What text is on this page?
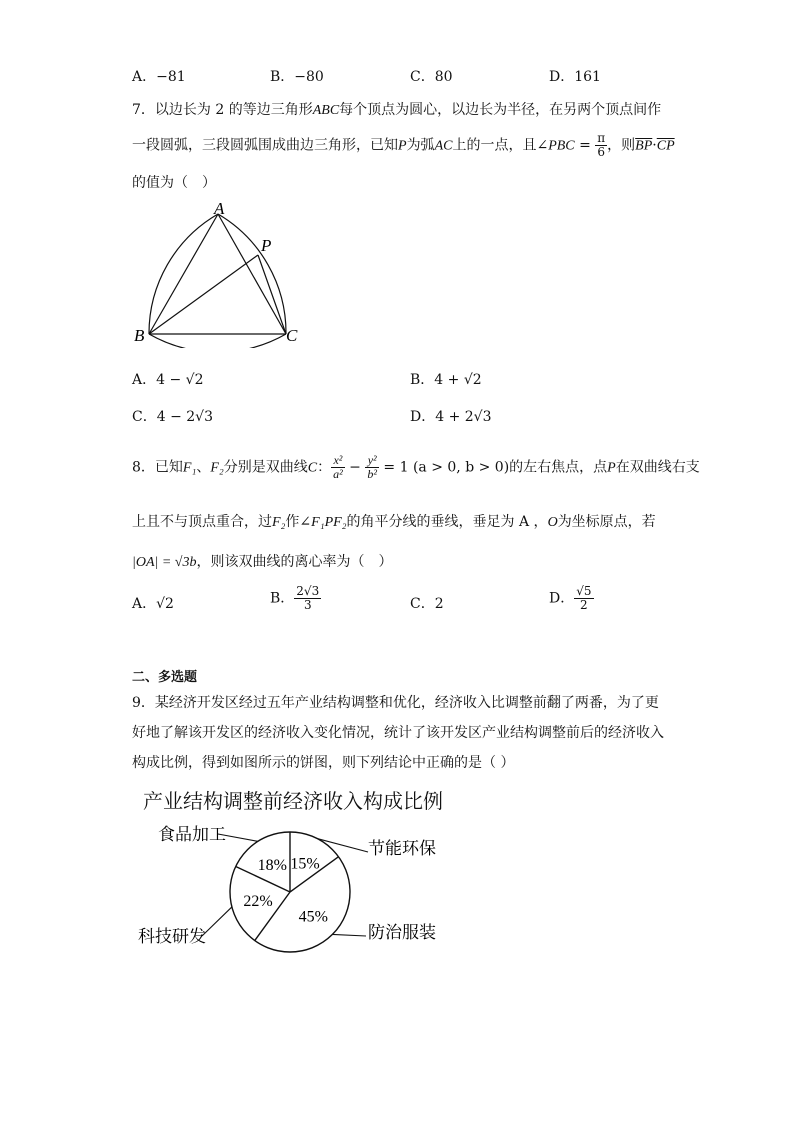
A．−81	B．−80	C．80	D．161
7．以边长为 2 的等边三角形ABC每个顶点为圆心，以边长为半径，在另两个顶点间作
一段圆弧，三段圆弧围成曲边三角形，已知P为弧AC上的一点，且∠PBC = $\frac{\pi}{6}$ ，则$\overline{BP}\cdot\overline{CP}$
的值为（　）
A
P
B	C
A．4 − √2	B．4 + √2
C．4 − 2√3	D．4 + 2√3
8．已知F₁、F₂分别是双曲线C： $\frac{\text{x²}}{\text{a²}} - \frac{\text{y²}}{\text{b²}} = 1$ (a > 0, b > 0)的左右焦点，点P在双曲线右支
上且不与顶点重合，过F₂作∠F₁PF₂的角平分线的垂线，垂足为 A ，O为坐标原点，若
|OA| = √3b，则该双曲线的离心率为（　）
A．√2	B． $\frac{2√3}{3}$	C．2	D． $\frac{√5}{2}$
二、多选题
9．某经济开发区经过五年产业结构调整和优化，经济收入比调整前翻了两番，为了更
好地了解该开发区的经济收入变化情况，统计了该开发区产业结构调整前后的经济收入
构成比例，得到如图所示的饼图，则下列结论中正确的是（ ）
产业结构调整前经济收入构成比例
15%
节能环保
45%
防治服装
22%
科技研发
18%
食品加工
